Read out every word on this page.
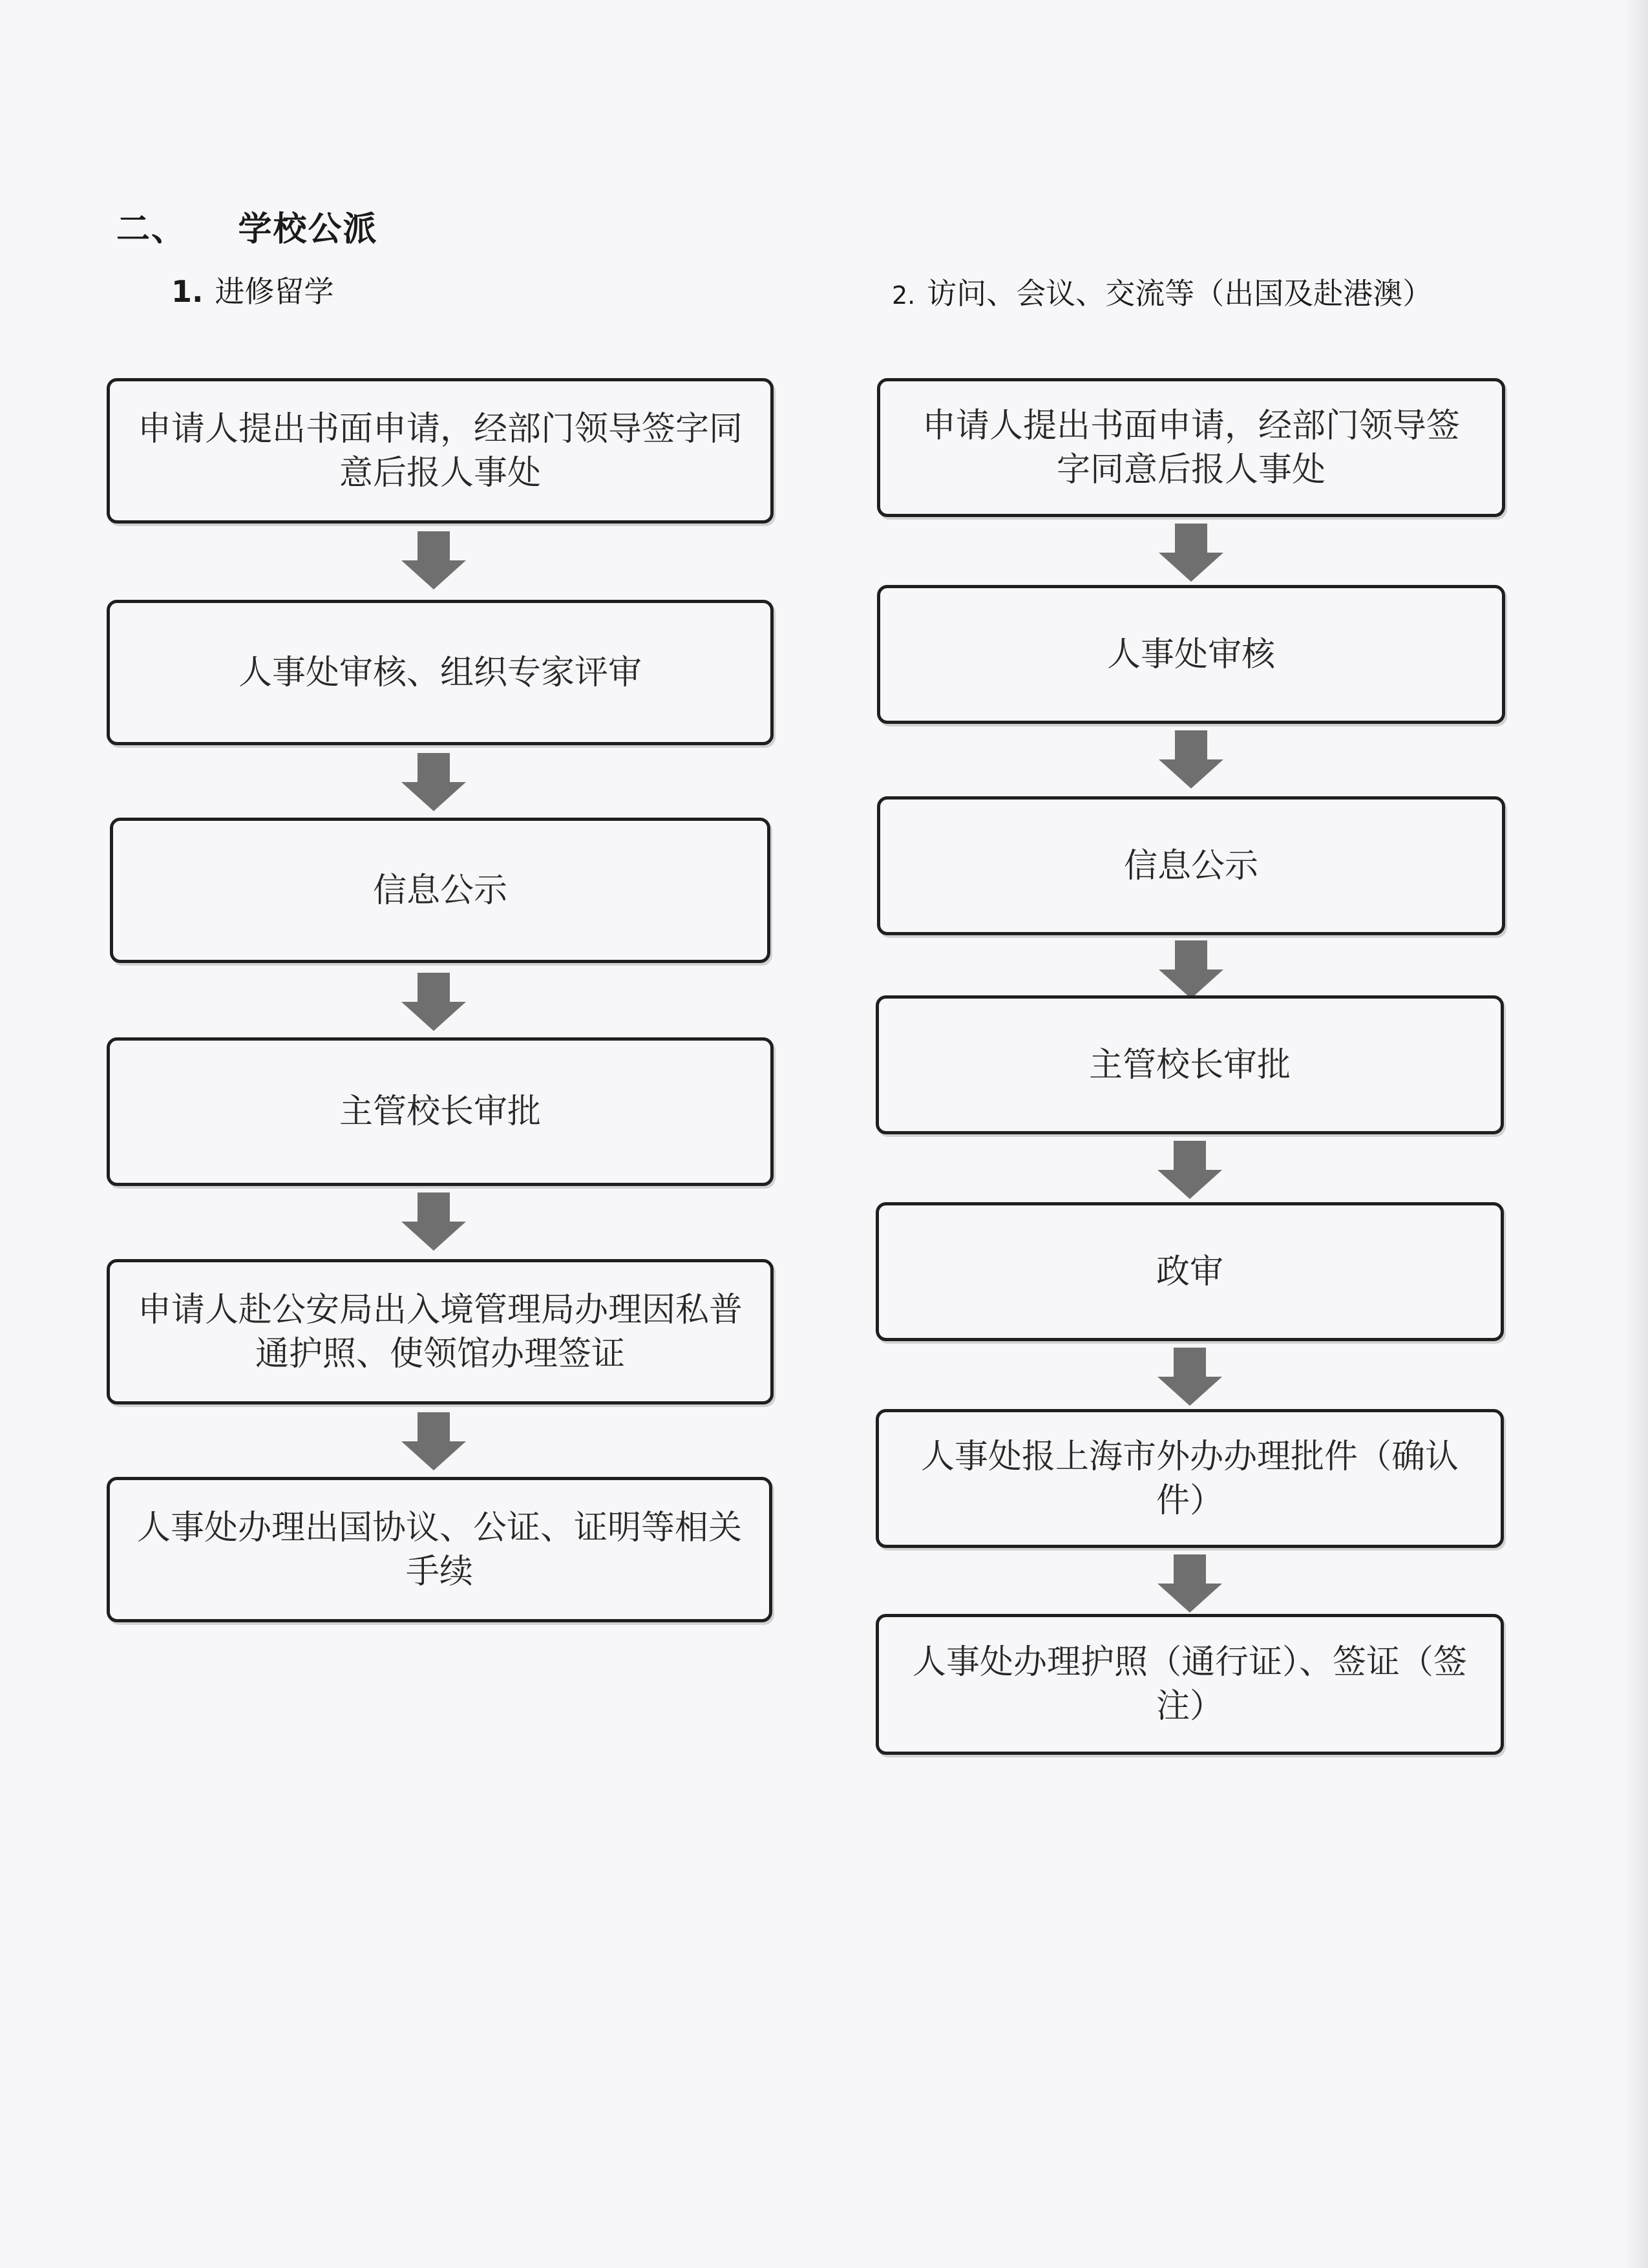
二、 学校公派
1. 进修留学	2. 访问、会议、交流等（出国及赴港澳）
申请人提出书面申请，经部门领导签字同意后报人事处
人事处审核、组织专家评审
信息公示
主管校长审批
申请人赴公安局出入境管理局办理因私普通护照、使领馆办理签证
人事处办理出国协议、公证、证明等相关手续
申请人提出书面申请，经部门领导签字同意后报人事处
人事处审核
信息公示
主管校长审批
政审
人事处报上海市外办办理批件（确认件）
人事处办理护照（通行证）、签证（签注）
